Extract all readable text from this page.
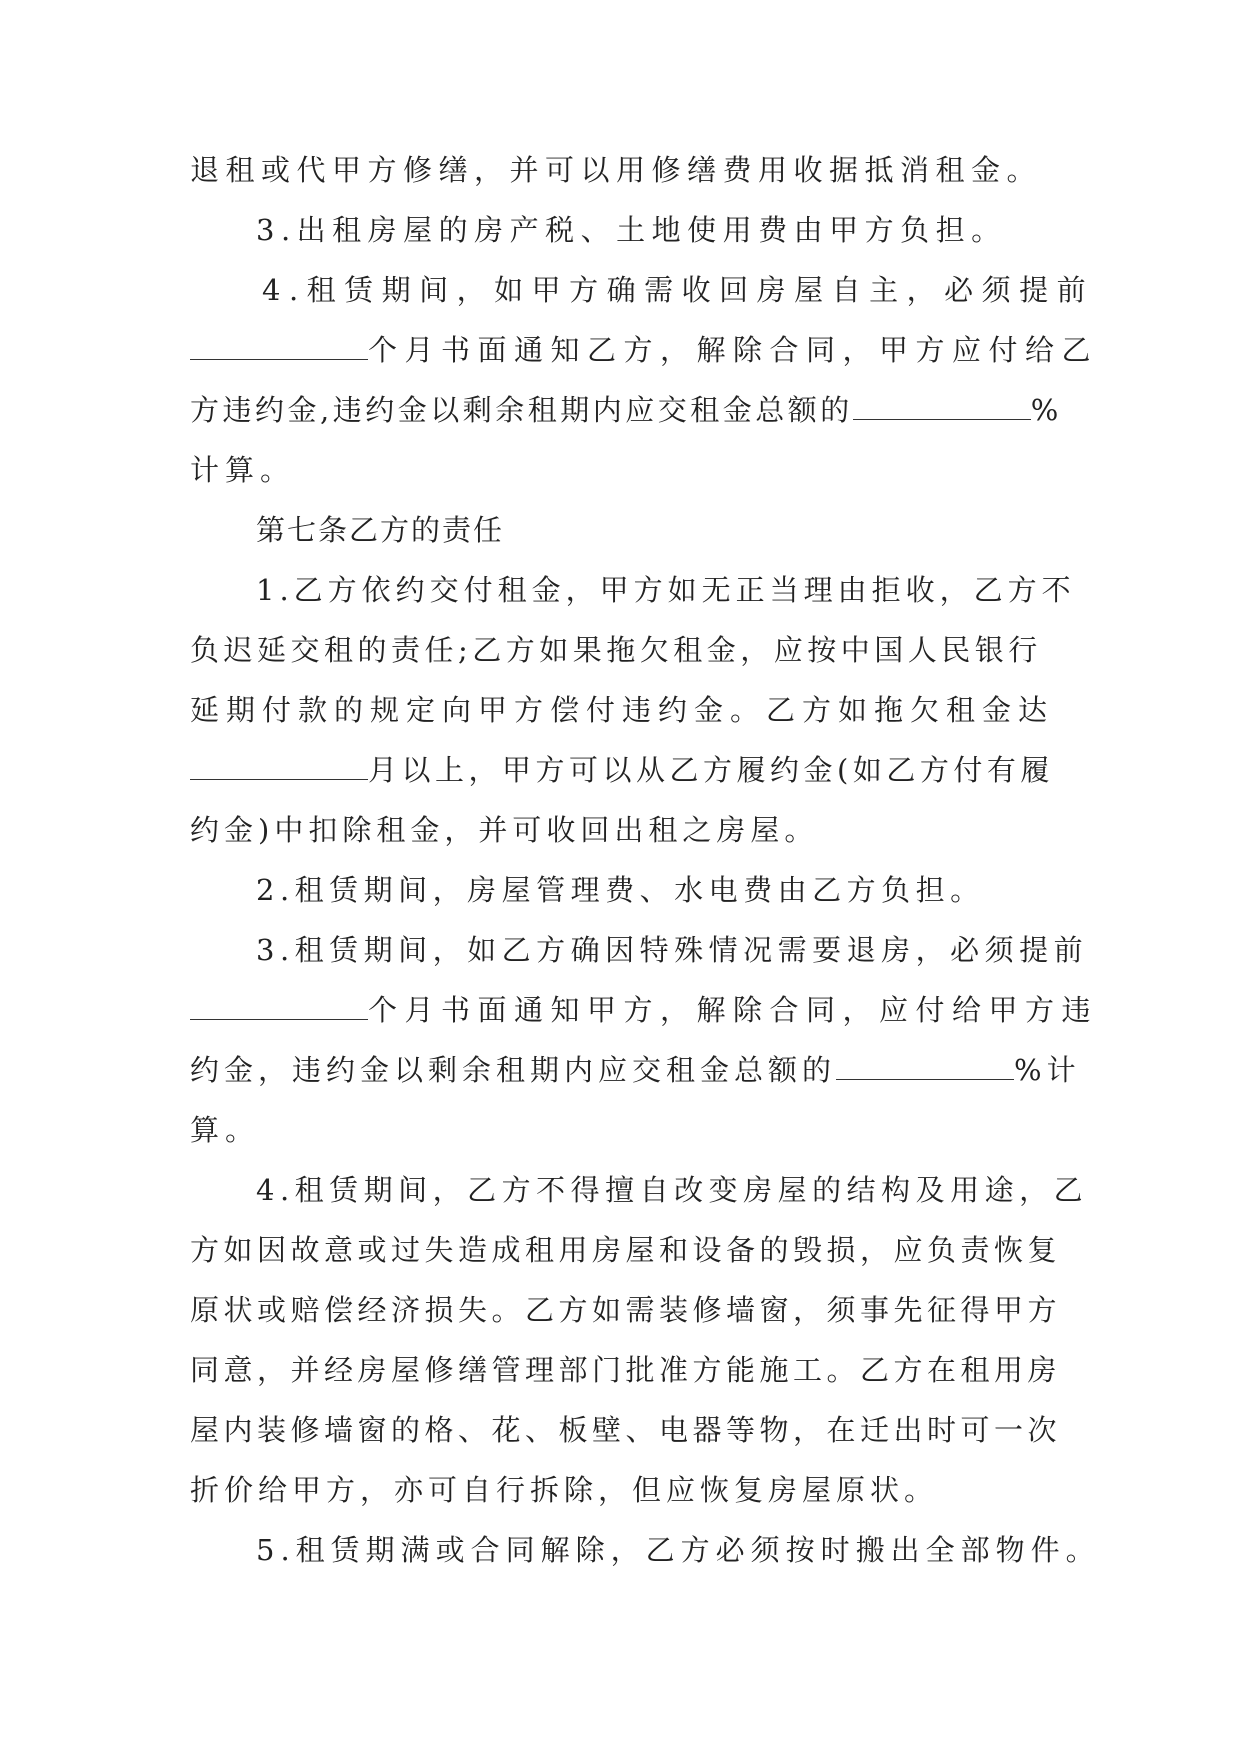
退租或代甲方修缮，并可以用修缮费用收据抵消租金。
3.出租房屋的房产税、土地使用费由甲方负担。
4.租赁期间，如甲方确需收回房屋自主，必须提前
个月书面通知乙方，解除合同，甲方应付给乙
方违约金,违约金以剩余租期内应交租金总额的	%
计算。
第七条乙方的责任
1.乙方依约交付租金，甲方如无正当理由拒收，乙方不
负迟延交租的责任;乙方如果拖欠租金，应按中国人民银行
延期付款的规定向甲方偿付违约金。乙方如拖欠租金达
月以上，甲方可以从乙方履约金(如乙方付有履
约金)中扣除租金，并可收回出租之房屋。
2.租赁期间，房屋管理费、水电费由乙方负担。
3.租赁期间，如乙方确因特殊情况需要退房，必须提前
个月书面通知甲方，解除合同，应付给甲方违
约金，违约金以剩余租期内应交租金总额的	%计
算。
4.租赁期间，乙方不得擅自改变房屋的结构及用途，乙
方如因故意或过失造成租用房屋和设备的毁损，应负责恢复
原状或赔偿经济损失。乙方如需装修墙窗，须事先征得甲方
同意，并经房屋修缮管理部门批准方能施工。乙方在租用房
屋内装修墙窗的格、花、板壁、电器等物，在迁出时可一次
折价给甲方，亦可自行拆除，但应恢复房屋原状。
5.租赁期满或合同解除，乙方必须按时搬出全部物件。
